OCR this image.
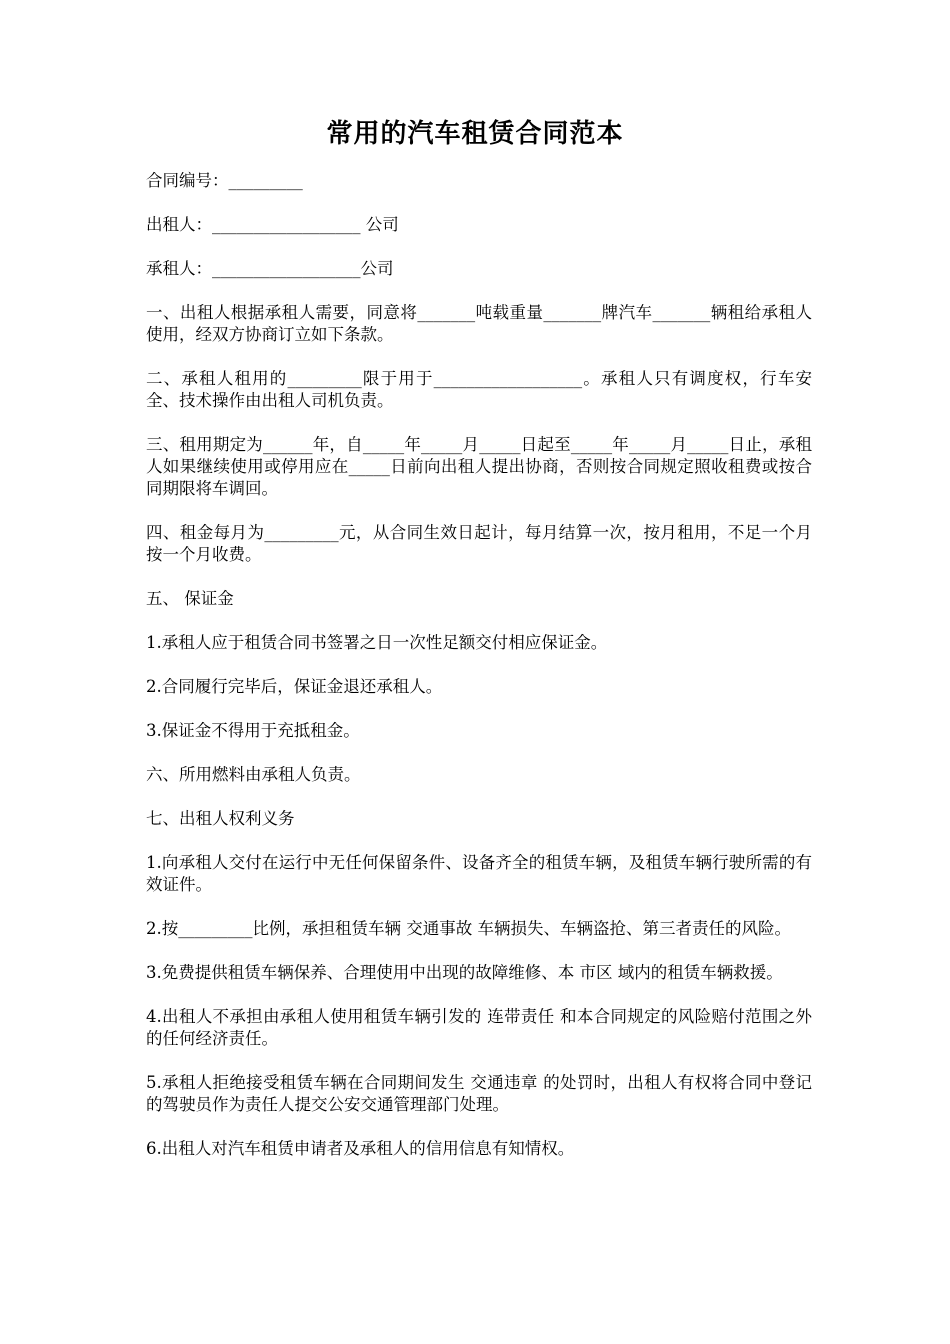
常用的汽车租赁合同范本

合同编号：_________

出租人：__________________ 公司

承租人：__________________公司

一、出租人根据承租人需要，同意将_______吨载重量_______牌汽车_______辆租给承租人使用，经双方协商订立如下条款。

二、承租人租用的_________限于用于__________________。承租人只有调度权，行车安全、技术操作由出租人司机负责。

三、租用期定为______年，自_____年_____月_____日起至_____年_____月_____日止，承租人如果继续使用或停用应在_____日前向出租人提出协商，否则按合同规定照收租费或按合同期限将车调回。

四、租金每月为_________元，从合同生效日起计，每月结算一次，按月租用，不足一个月按一个月收费。

五、 保证金

1.承租人应于租赁合同书签署之日一次性足额交付相应保证金。

2.合同履行完毕后，保证金退还承租人。

3.保证金不得用于充抵租金。

六、所用燃料由承租人负责。

七、出租人权利义务

1.向承租人交付在运行中无任何保留条件、设备齐全的租赁车辆，及租赁车辆行驶所需的有效证件。

2.按_________比例，承担租赁车辆 交通事故 车辆损失、车辆盗抢、第三者责任的风险。

3.免费提供租赁车辆保养、合理使用中出现的故障维修、本 市区 域内的租赁车辆救援。

4.出租人不承担由承租人使用租赁车辆引发的 连带责任 和本合同规定的风险赔付范围之外的任何经济责任。

5.承租人拒绝接受租赁车辆在合同期间发生 交通违章 的处罚时，出租人有权将合同中登记的驾驶员作为责任人提交公安交通管理部门处理。

6.出租人对汽车租赁申请者及承租人的信用信息有知情权。
